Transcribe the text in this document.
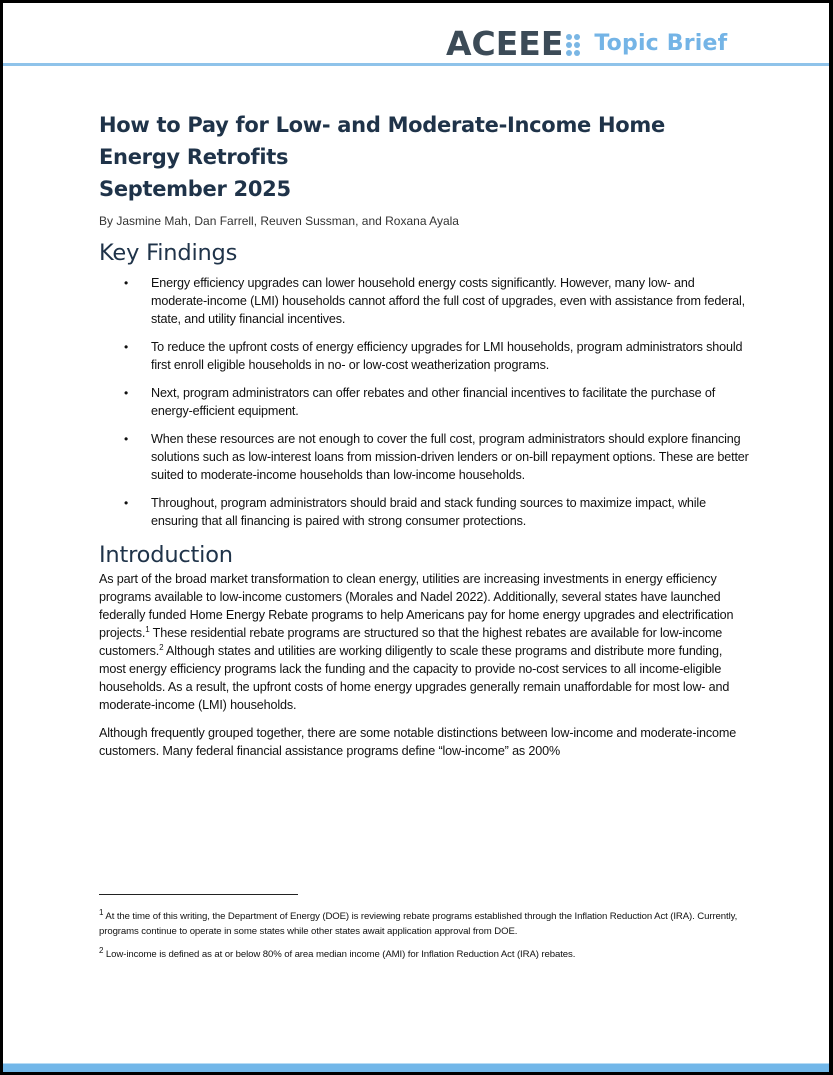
ACEEE Topic Brief
How to Pay for Low- and Moderate-Income Home
Energy Retrofits
September 2025
By Jasmine Mah, Dan Farrell, Reuven Sussman, and Roxana Ayala
Key Findings
• Energy efficiency upgrades can lower household energy costs significantly. However, many low- and moderate-income (LMI) households cannot afford the full cost of upgrades, even with assistance from federal, state, and utility financial incentives.
• To reduce the upfront costs of energy efficiency upgrades for LMI households, program administrators should first enroll eligible households in no- or low-cost weatherization programs.
• Next, program administrators can offer rebates and other financial incentives to facilitate the purchase of energy-efficient equipment.
• When these resources are not enough to cover the full cost, program administrators should explore financing solutions such as low-interest loans from mission-driven lenders or on-bill repayment options. These are better suited to moderate-income households than low-income households.
• Throughout, program administrators should braid and stack funding sources to maximize impact, while ensuring that all financing is paired with strong consumer protections.
Introduction

As part of the broad market transformation to clean energy, utilities are increasing investments in energy efficiency programs available to low-income customers (Morales and Nadel 2022). Additionally, several states have launched federally funded Home Energy Rebate programs to help Americans pay for home energy upgrades and electrification projects.$^1$ These residential rebate programs are structured so that the highest rebates are available for low-income customers.$^2$ Although states and utilities are working diligently to scale these programs and distribute more funding, most energy efficiency programs lack the funding and the capacity to provide no-cost services to all income-eligible households. As a result, the upfront costs of home energy upgrades generally remain unaffordable for most low- and moderate-income (LMI) households.

Although frequently grouped together, there are some notable distinctions between low-income and moderate-income customers. Many federal financial assistance programs define “low-income” as 200%

$^1$ At the time of this writing, the Department of Energy (DOE) is reviewing rebate programs established through the Inflation Reduction Act (IRA). Currently, programs continue to operate in some states while other states await application approval from DOE.

$^2$ Low-income is defined as at or below 80% of area median income (AMI) for Inflation Reduction Act (IRA) rebates.
